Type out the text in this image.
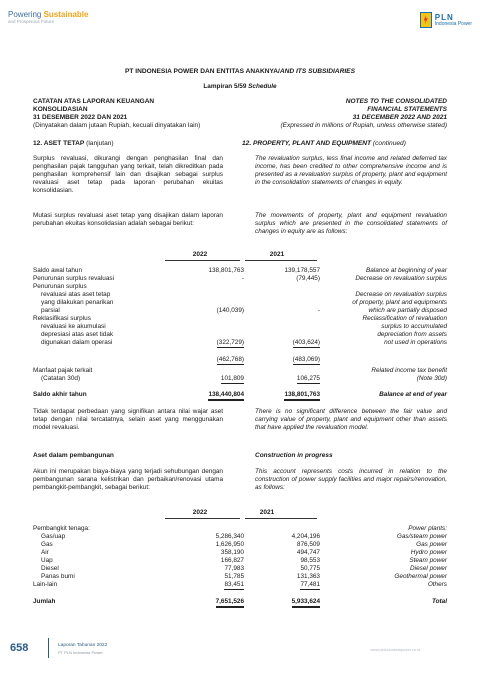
Powering Sustainable
and Prosperous Future	PLN
Indonesia Power
PT INDONESIA POWER DAN ENTITAS ANAKNYA/AND ITS SUBSIDIARIES
Lampiran 5/59 Schedule
CATATAN ATAS LAPORAN KEUANGAN
KONSOLIDASIAN
31 DESEMBER 2022 DAN 2021
(Dinyatakan dalam jutaan Rupiah, kecuali dinyatakan lain)
NOTES TO THE CONSOLIDATED
FINANCIAL STATEMENTS
31 DECEMBER 2022 AND 2021
(Expressed in millions of Rupiah, unless otherwise stated)
12. ASET TETAP (lanjutan)	12. PROPERTY, PLANT AND EQUIPMENT (continued)
Surplus revaluasi, dikurangi dengan penghasilan final dan penghasilan pajak tangguhan yang terkait, telah dikreditkan pada penghasilan komprehensif lain dan disajikan sebagai surplus revaluasi aset tetap pada laporan perubahan ekuitas konsolidasian.
The revaluation surplus, less final income and related deferred tax income, has been credited to other comprehensive income and is presented as a revaluation surplus of property, plant and equipment in the consolidation statements of changes in equity.
Mutasi surplus revaluasi aset tetap yang disajikan dalam laporan perubahan ekuitas konsolidasian adalah sebagai berikut:
The movements of property, plant and equipment revaluation surplus which are presented in the consolidated statements of changes in equity are as follows:
2022	2021
Saldo awal tahun	138,801,763	139,178,557	Balance at beginning of year
Penurunan surplus revaluasi	-	(79,445)	Decrease on revaluation surplus
Penurunan surplus
revaluasi atas aset tetap	Decrease on revaluation surplus
yang dilakukan penarikan	of property, plant and equipments
parsial	(140,039)	-	which are partially disposed
Reklasifikasi surplus	Reclassification of revaluation
revaluasi ke akumulasi	surplus to accumulated
depresiasi atas aset tidak	depreciation from assets
digunakan dalam operasi	(322,729)	(403,624)	not used in operations
(462,768)	(483,069)
Manfaat pajak terkait	Related income tax benefit
(Catatan 30d)	101,809	106,275	(Note 30d)
Saldo akhir tahun	138,440,804	138,801,763	Balance at end of year
Tidak terdapat perbedaan yang signifikan antara nilai wajar aset tetap dengan nilai tercatatnya, selain aset yang menggunakan model revaluasi.
There is no significant difference between the fair value and carrying value of property, plant and equipment other than assets that have applied the revaluation model.
Aset dalam pembangunan	Construction in progress
Akun ini merupakan biaya-biaya yang terjadi sehubungan dengan pembangunan sarana kelistrikan dan perbaikan/renovasi utama pembangkit-pembangkit, sebagai berikut:
This account represents costs incurred in relation to the construction of power supply facilities and major repairs/renovation, as follows:
2022	2021
Pembangkit tenaga:	Power plants:
Gas/uap	5,286,340	4,204,196	Gas/steam power
Gas	1,626,950	876,509	Gas power
Air	358,190	494,747	Hydro power
Uap	166,827	98,553	Steam power
Diesel	77,983	50,775	Diesel power
Panas bumi	51,785	131,363	Geothermal power
Lain-lain	83,451	77,481	Others
Jumlah	7,651,526	5,933,624	Total
658	Laporan Tahunan 2022
PT PLN Indonesia Power	www.plnindonesiapower.co.id
